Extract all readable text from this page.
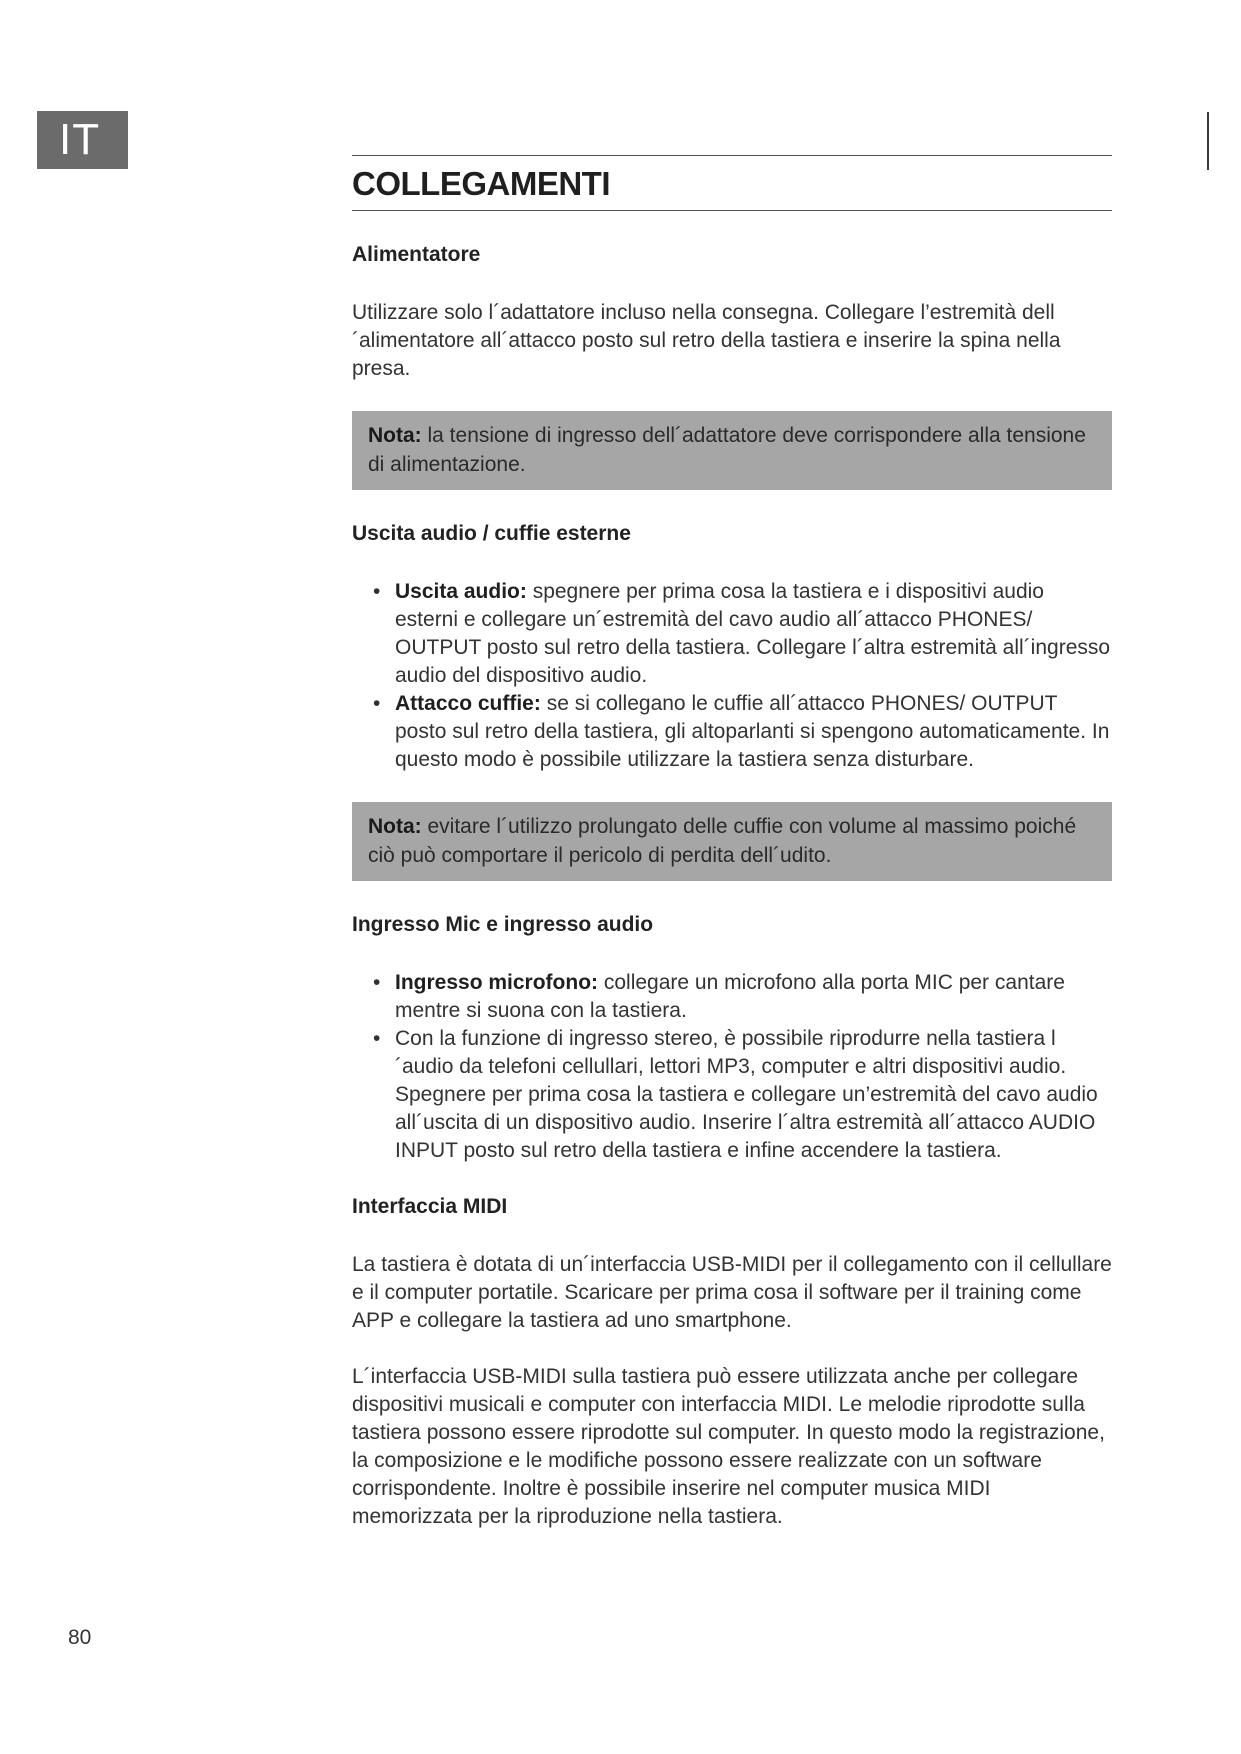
IT
COLLEGAMENTI
Alimentatore

Utilizzare solo l´adattatore incluso nella consegna. Collegare l’estremità dell´alimentatore all´attacco posto sul retro della tastiera e inserire la spina nella presa.

Nota: la tensione di ingresso dell´adattatore deve corrispondere alla tensione di alimentazione.
Uscita audio / cuffie esterne
• Uscita audio: spegnere per prima cosa la tastiera e i dispositivi audio esterni e collegare un´estremità del cavo audio all´attacco PHONES/ OUTPUT posto sul retro della tastiera. Collegare l´altra estremità all´ingresso audio del dispositivo audio.
• Attacco cuffie: se si collegano le cuffie all´attacco PHONES/ OUTPUT posto sul retro della tastiera, gli altoparlanti si spengono automaticamente. In questo modo è possibile utilizzare la tastiera senza disturbare.
Nota: evitare l´utilizzo prolungato delle cuffie con volume al massimo poiché ciò può comportare il pericolo di perdita dell´udito.
Ingresso Mic e ingresso audio
• Ingresso microfono: collegare un microfono alla porta MIC per cantare mentre si suona con la tastiera.
• Con la funzione di ingresso stereo, è possibile riprodurre nella tastiera l´audio da telefoni cellullari, lettori MP3, computer e altri dispositivi audio. Spegnere per prima cosa la tastiera e collegare un’estremità del cavo audio all´uscita di un dispositivo audio. Inserire l´altra estremità all´attacco AUDIO INPUT posto sul retro della tastiera e infine accendere la tastiera.
Interfaccia MIDI

La tastiera è dotata di un´interfaccia USB-MIDI per il collegamento con il cellullare e il computer portatile. Scaricare per prima cosa il software per il training come APP e collegare la tastiera ad uno smartphone.

L´interfaccia USB-MIDI sulla tastiera può essere utilizzata anche per collegare dispositivi musicali e computer con interfaccia MIDI. Le melodie riprodotte sulla tastiera possono essere riprodotte sul computer. In questo modo la registrazione, la composizione e le modifiche possono essere realizzate con un software corrispondente. Inoltre è possibile inserire nel computer musica MIDI memorizzata per la riproduzione nella tastiera.

80
